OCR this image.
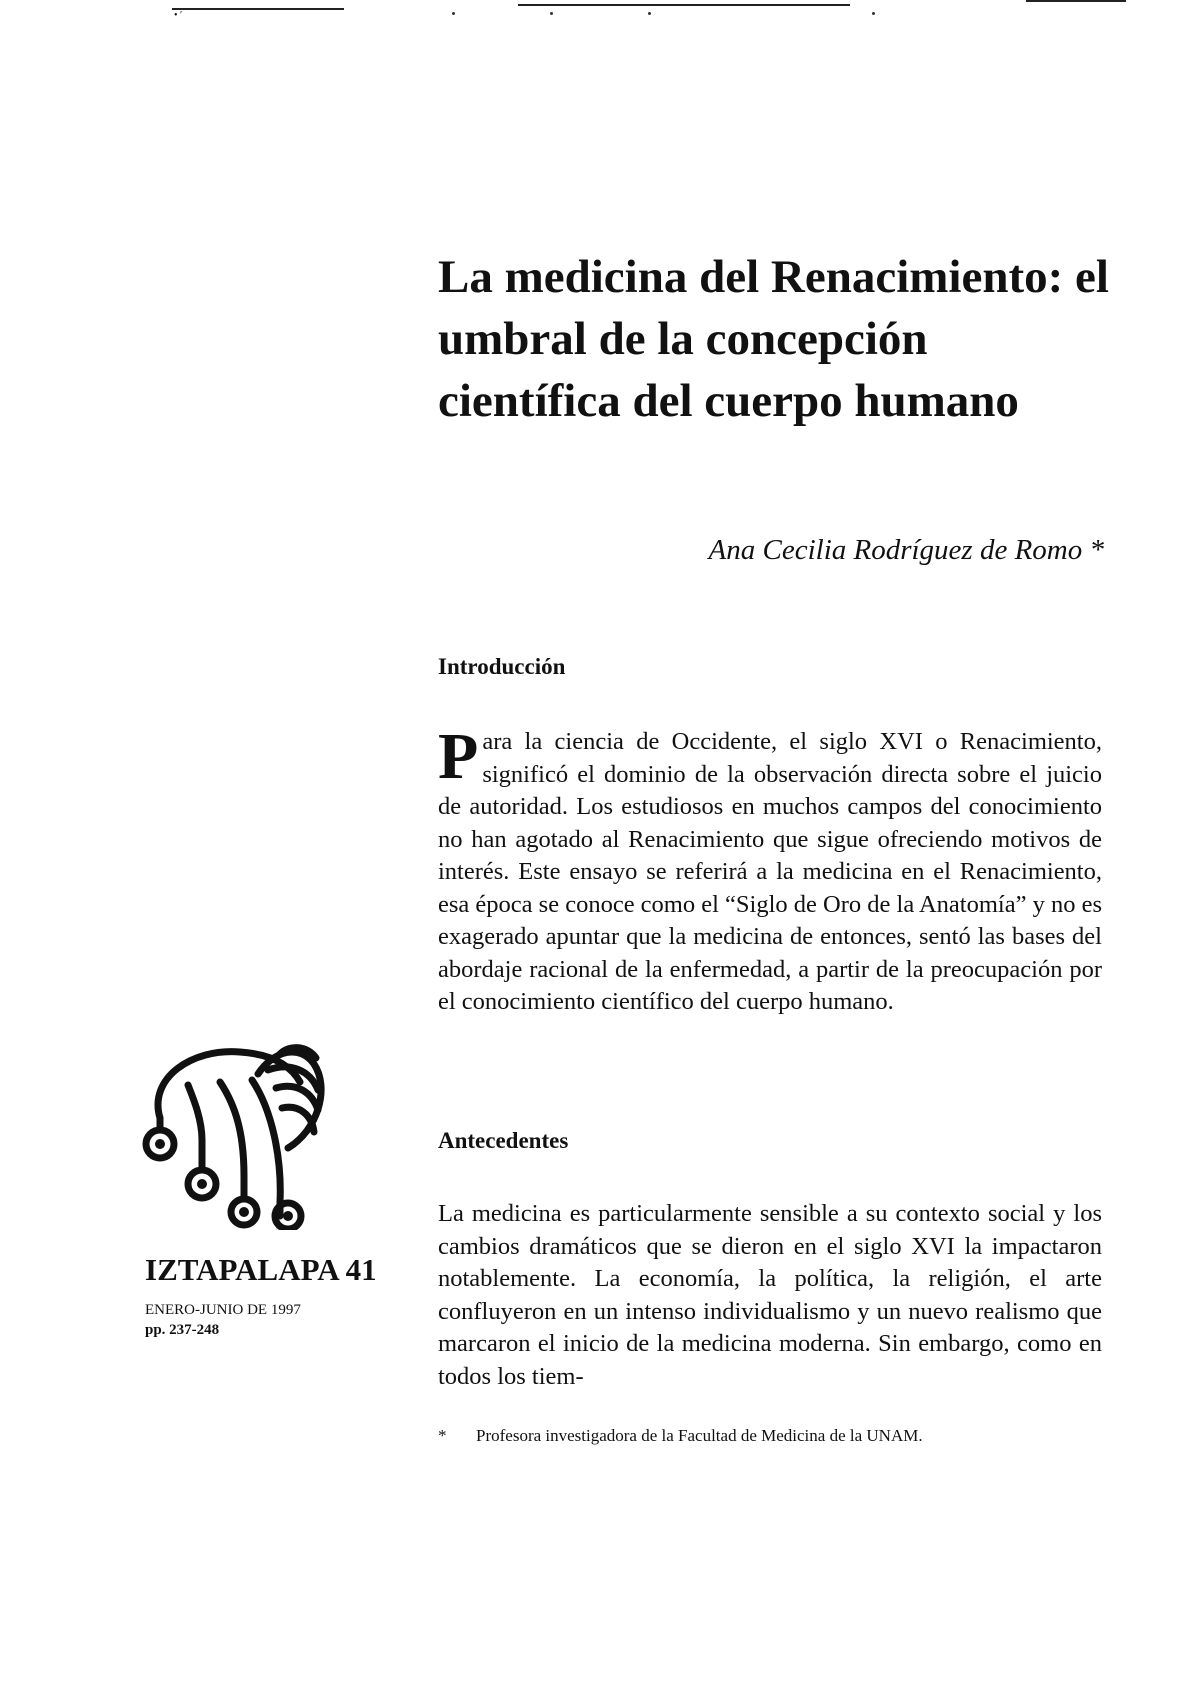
• ′
La medicina del Renacimiento: el umbral de la concepción científica del cuerpo humano
Ana Cecilia Rodríguez de Romo *
Introducción

Para la ciencia de Occidente, el siglo XVI o Renacimiento, significó el dominio de la observación directa sobre el juicio de autoridad. Los estudiosos en muchos campos del conocimiento no han agotado al Renacimiento que sigue ofreciendo motivos de interés. Este ensayo se referirá a la medicina en el Renacimiento, esa época se conoce como el “Siglo de Oro de la Anatomía” y no es exagerado apuntar que la medicina de entonces, sentó las bases del abordaje racional de la enfermedad, a partir de la preocupación por el conocimiento científico del cuerpo humano.

Antecedentes

La medicina es particularmente sensible a su contexto social y los cambios dramáticos que se dieron en el siglo XVI la impactaron notablemente. La economía, la política, la religión, el arte confluyeron en un intenso individualismo y un nuevo realismo que marcaron el inicio de la medicina moderna. Sin embargo, como en todos los tiem-

* Profesora investigadora de la Facultad de Medicina de la UNAM.
IZTAPALAPA 41
ENERO-JUNIO DE 1997
pp. 237-248
